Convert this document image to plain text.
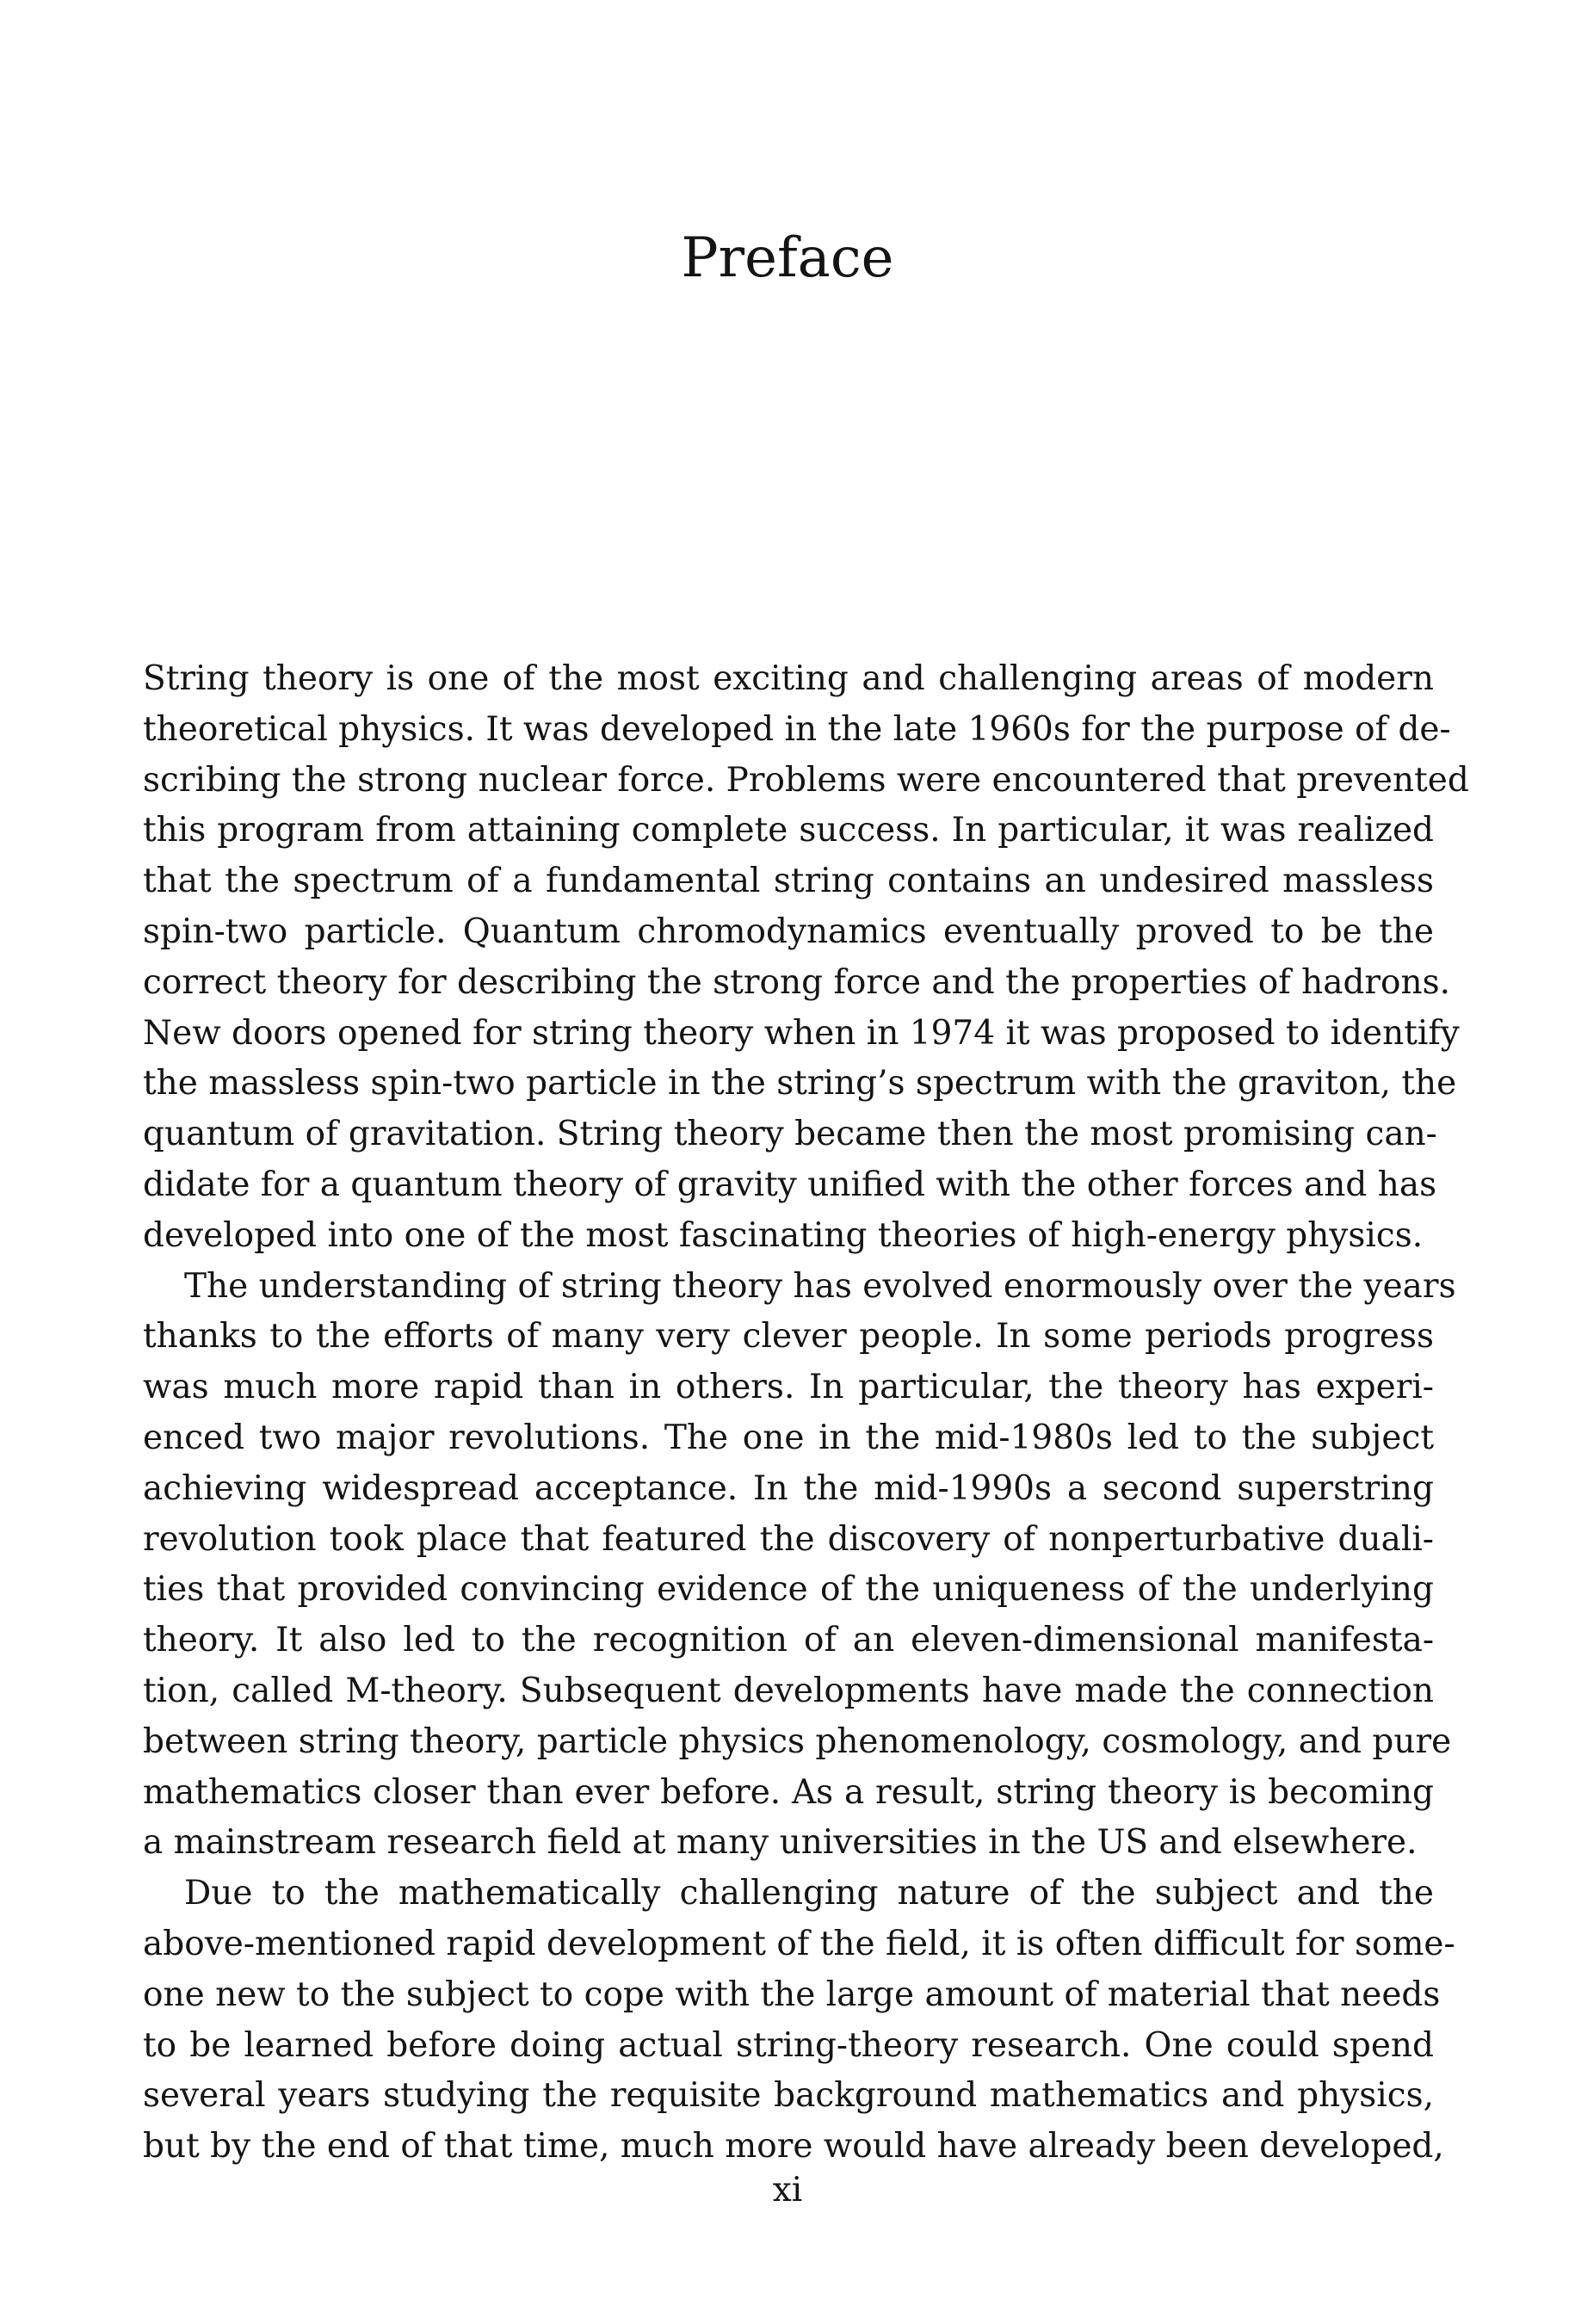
Preface
String theory is one of the most exciting and challenging areas of modern
theoretical physics. It was developed in the late 1960s for the purpose of de-
scribing the strong nuclear force. Problems were encountered that prevented
this program from attaining complete success. In particular, it was realized
that the spectrum of a fundamental string contains an undesired massless
spin-two particle. Quantum chromodynamics eventually proved to be the
correct theory for describing the strong force and the properties of hadrons.
New doors opened for string theory when in 1974 it was proposed to identify
the massless spin-two particle in the string’s spectrum with the graviton, the
quantum of gravitation. String theory became then the most promising can-
didate for a quantum theory of gravity unified with the other forces and has
developed into one of the most fascinating theories of high-energy physics.
The understanding of string theory has evolved enormously over the years
thanks to the efforts of many very clever people. In some periods progress
was much more rapid than in others. In particular, the theory has experi-
enced two major revolutions. The one in the mid-1980s led to the subject
achieving widespread acceptance. In the mid-1990s a second superstring
revolution took place that featured the discovery of nonperturbative duali-
ties that provided convincing evidence of the uniqueness of the underlying
theory. It also led to the recognition of an eleven-dimensional manifesta-
tion, called M-theory. Subsequent developments have made the connection
between string theory, particle physics phenomenology, cosmology, and pure
mathematics closer than ever before. As a result, string theory is becoming
a mainstream research field at many universities in the US and elsewhere.
Due to the mathematically challenging nature of the subject and the
above-mentioned rapid development of the field, it is often difficult for some-
one new to the subject to cope with the large amount of material that needs
to be learned before doing actual string-theory research. One could spend
several years studying the requisite background mathematics and physics,
but by the end of that time, much more would have already been developed,
xi
